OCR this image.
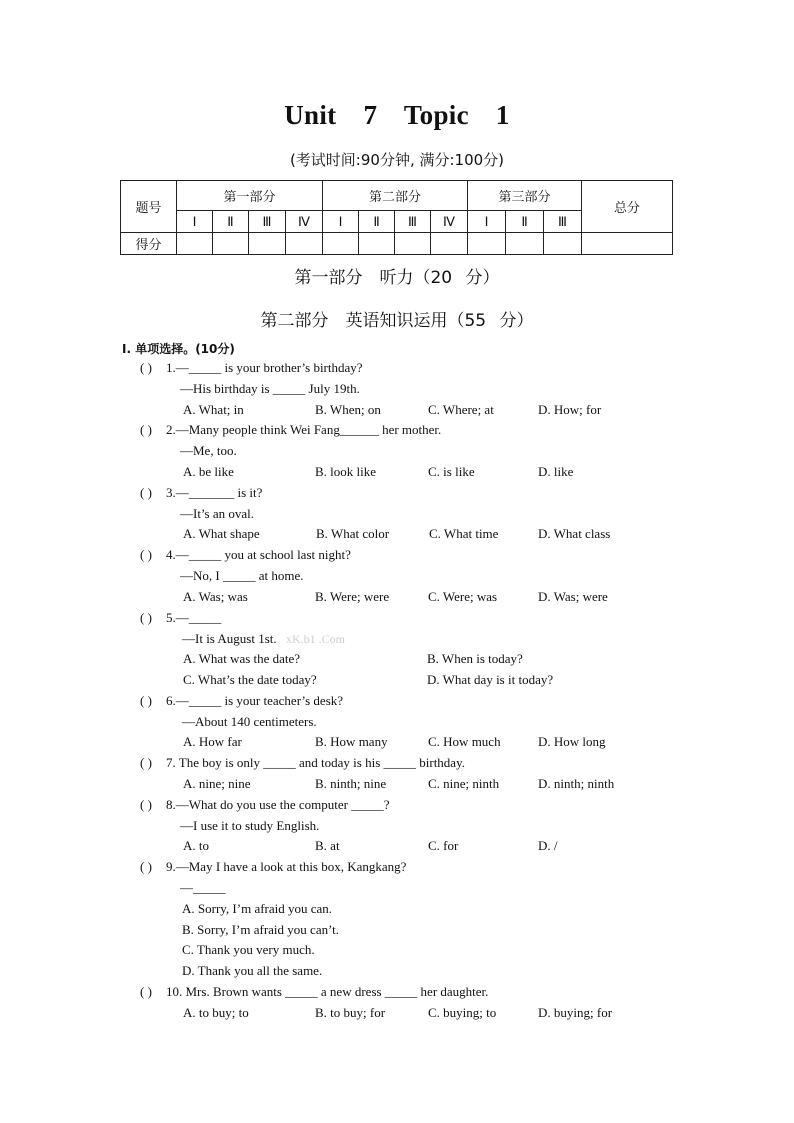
Unit 7 Topic 1
(考试时间:90分钟, 满分:100分)
题号	第一部分				第二部分				第三部分			总分
	Ⅰ	Ⅱ	Ⅲ	Ⅳ	Ⅰ	Ⅱ	Ⅲ	Ⅳ	Ⅰ	Ⅱ	Ⅲ	
得分												
第一部分　听力（20 分）
第二部分　英语知识运用（55 分）
Ⅰ. 单项选择。(10分)
( ) 1.—_____ is your brother’s birthday?
—His birthday is _____ July 19th.
A. What; in	B. When; on	C. Where; at	D. How; for
( ) 2.—Many people think Wei Fang______ her mother.
—Me, too.
A. be like	B. look like	C. is like	D. like
( ) 3.—_______ is it?
—It’s an oval.
A. What shape	B. What color	C. What time	D. What class
( ) 4.—_____ you at school last night?
—No, I _____ at home.
A. Was; was	B. Were; were	C. Were; was	D. Was; were
( ) 5.—_____
—It is August 1st. xK.b1 .Com
A. What was the date?	B. When is today?
C. What’s the date today?	D. What day is it today?
( ) 6.—_____ is your teacher’s desk?
—About 140 centimeters.
A. How far	B. How many	C. How much	D. How long
( ) 7. The boy is only _____ and today is his _____ birthday.
A. nine; nine	B. ninth; nine	C. nine; ninth	D. ninth; ninth
( ) 8.—What do you use the computer _____?
—I use it to study English.
A. to	B. at	C. for	D. /
( ) 9.—May I have a look at this box, Kangkang?
—_____
A. Sorry, I’m afraid you can.
B. Sorry, I’m afraid you can’t.
C. Thank you very much.
D. Thank you all the same.
( ) 10. Mrs. Brown wants _____ a new dress _____ her daughter.
A. to buy; to	B. to buy; for	C. buying; to	D. buying; for
